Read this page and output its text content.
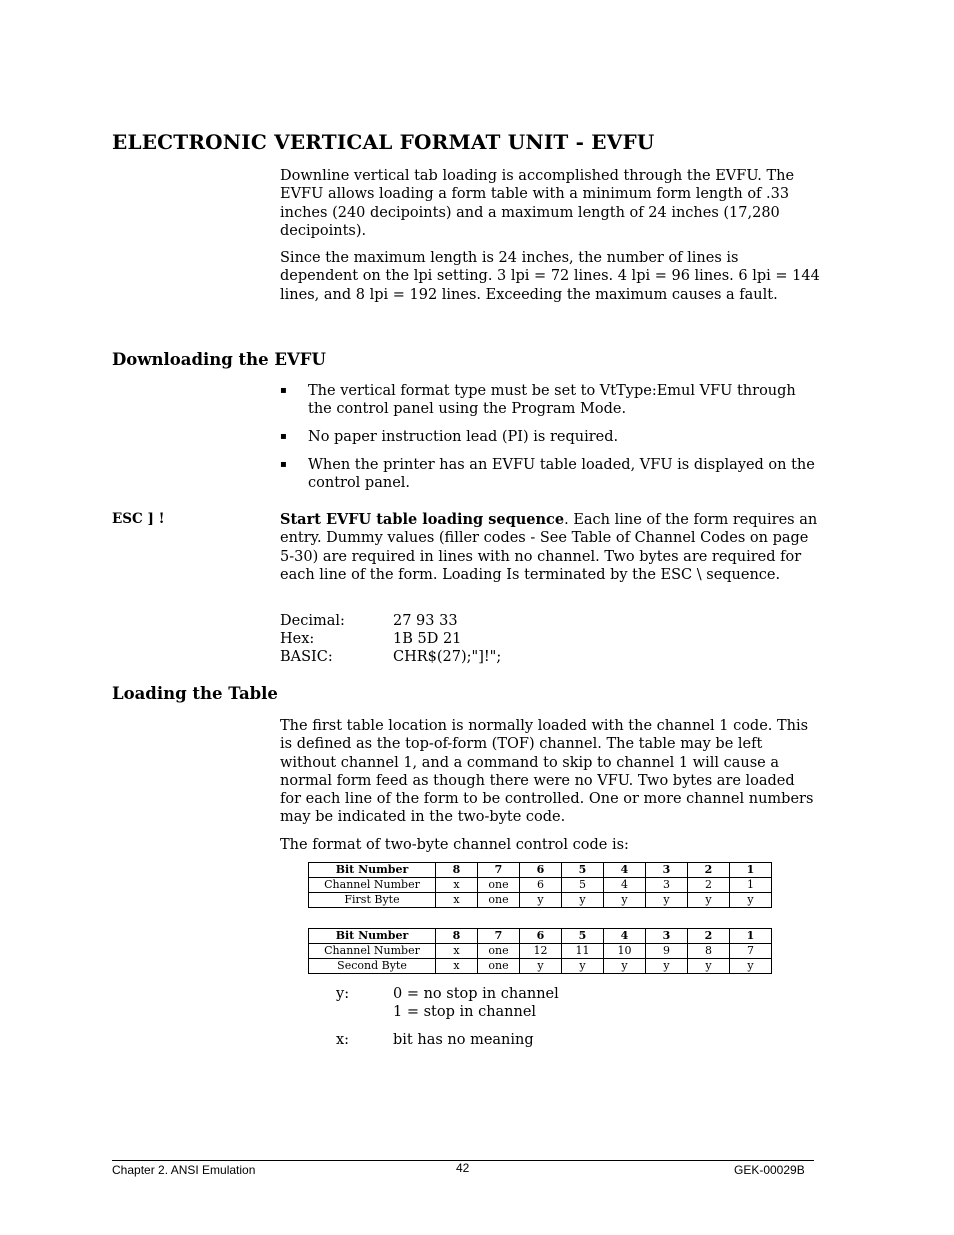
ELECTRONIC VERTICAL FORMAT UNIT - EVFU

Downline vertical tab loading is accomplished through the EVFU. The EVFU allows loading a form table with a minimum form length of .33 inches (240 decipoints) and a maximum length of 24 inches (17,280 decipoints).

Since the maximum length is 24 inches, the number of lines is dependent on the lpi setting. 3 lpi = 72 lines. 4 lpi = 96 lines. 6 lpi = 144 lines, and 8 lpi = 192 lines. Exceeding the maximum causes a fault.

Downloading the EVFU
▪ The vertical format type must be set to VtType:Emul VFU through the control panel using the Program Mode.
▪ No paper instruction lead (PI) is required.
▪ When the printer has an EVFU table loaded, VFU is displayed on the control panel.
ESC ] !	Start EVFU table loading sequence. Each line of the form requires an entry. Dummy values (filler codes - See Table of Channel Codes on page 5-30) are required in lines with no channel. Two bytes are required for each line of the form. Loading Is terminated by the ESC \ sequence.

Decimal:	27 93 33
Hex:	1B 5D 21
BASIC:	CHR$(27);"]!";
Loading the Table

The first table location is normally loaded with the channel 1 code. This is defined as the top-of-form (TOF) channel. The table may be left without channel 1, and a command to skip to channel 1 will cause a normal form feed as though there were no VFU. Two bytes are loaded for each line of the form to be controlled. One or more channel numbers may be indicated in the two-byte code.

The format of two-byte channel control code is:

Bit Number	8	7	6	5	4	3	2	1
Channel Number	x	one	6	5	4	3	2	1
First Byte	x	one	y	y	y	y	y	y
Bit Number	8	7	6	5	4	3	2	1
Channel Number	x	one	12	11	10	9	8	7
Second Byte	x	one	y	y	y	y	y	y
y:	0 = no stop in channel
1 = stop in channel
x:	bit has no meaning
Chapter 2. ANSI Emulation	42	GEK-00029B
